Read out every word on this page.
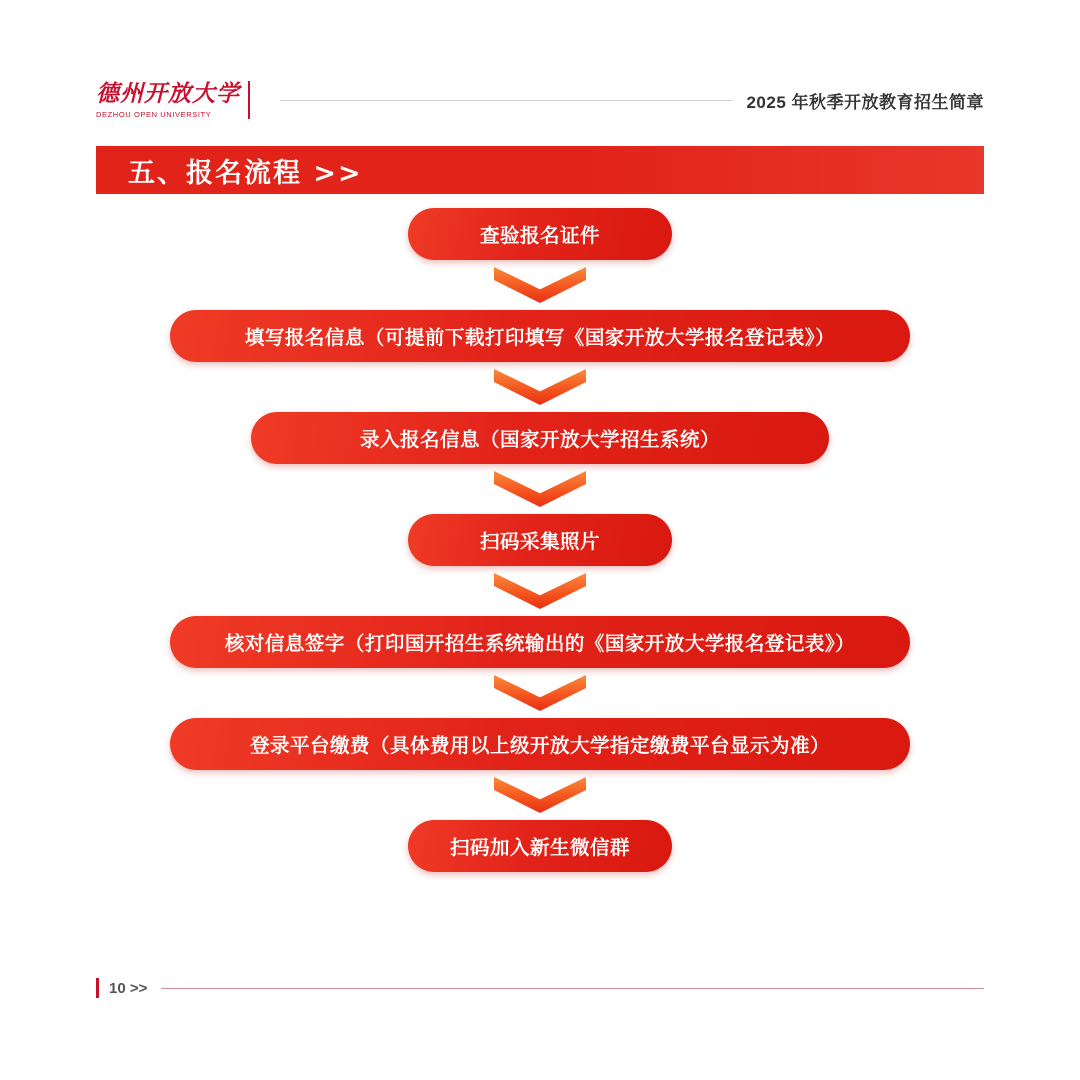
德州开放大学
DEZHOU OPEN UNIVERSITY
2025 年秋季开放教育招生简章
五、报名流程 >>
查验报名证件
填写报名信息（可提前下载打印填写《国家开放大学报名登记表》）
录入报名信息（国家开放大学招生系统）
扫码采集照片
核对信息签字（打印国开招生系统输出的《国家开放大学报名登记表》）
登录平台缴费（具体费用以上级开放大学指定缴费平台显示为准）
扫码加入新生微信群
10 >>
